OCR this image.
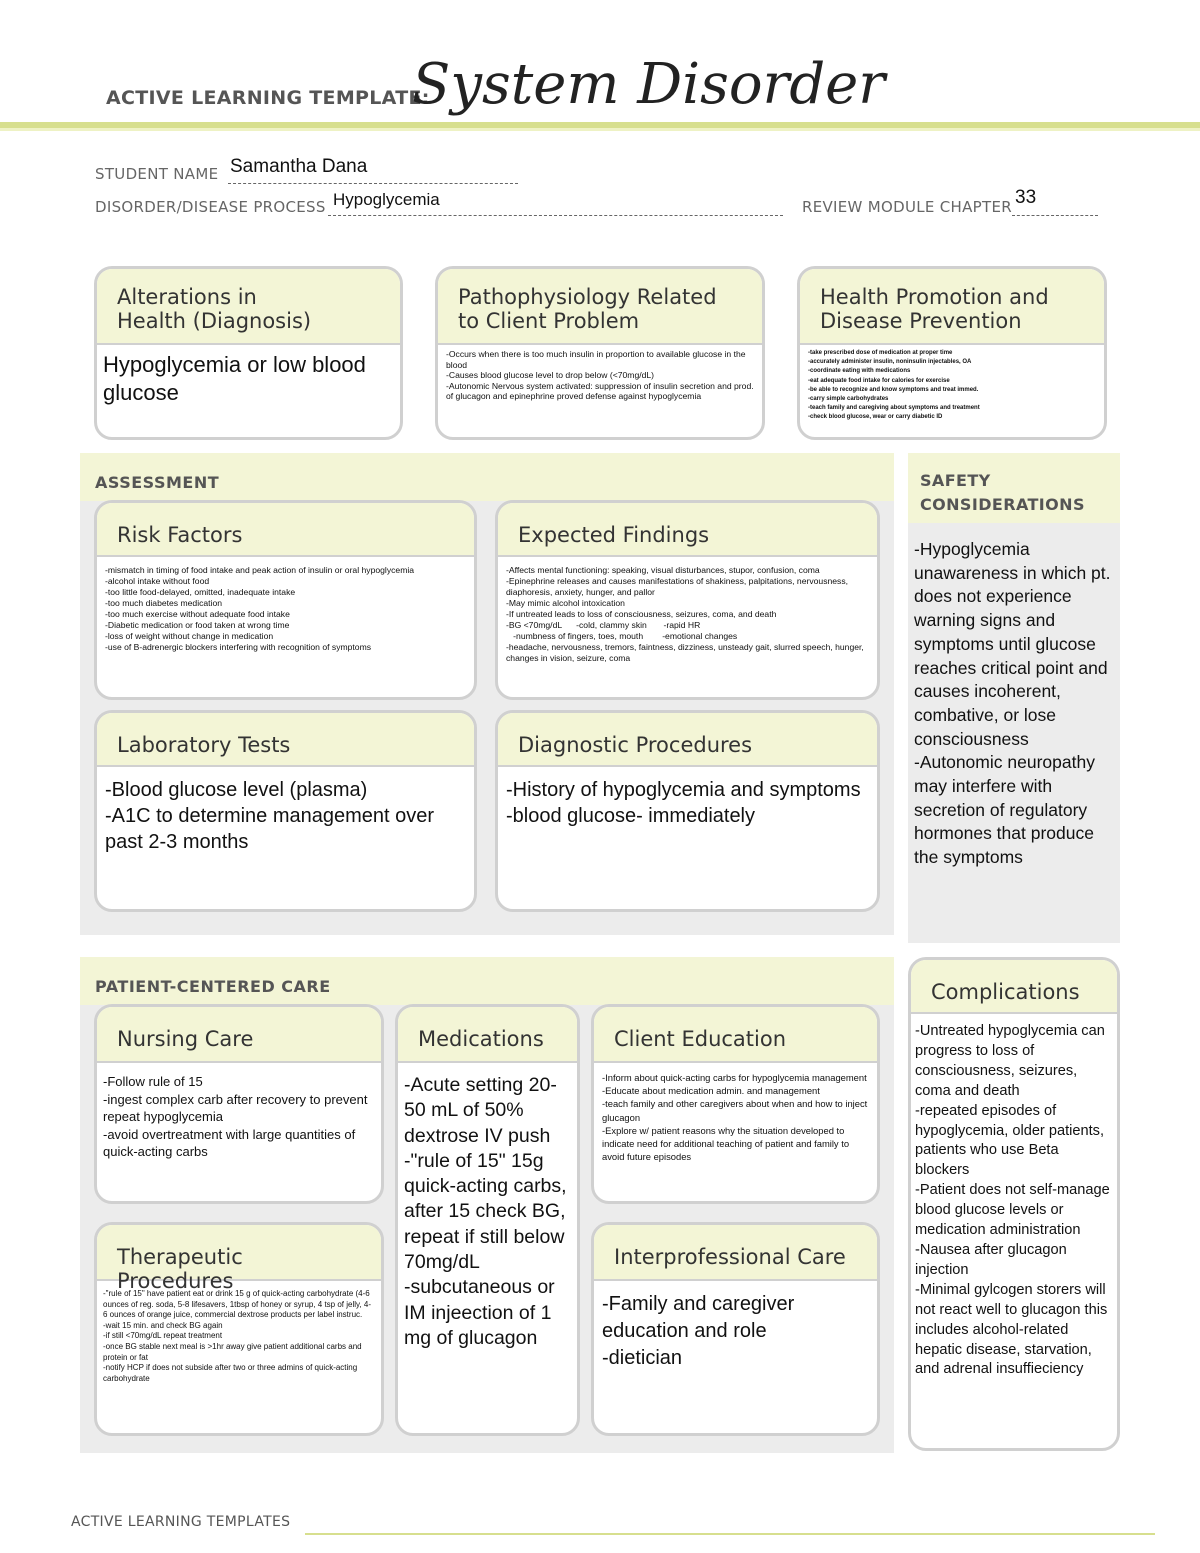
ACTIVE LEARNING TEMPLATE:
System Disorder
STUDENT NAME Samantha Dana
DISORDER/DISEASE PROCESS Hypoglycemia	REVIEW MODULE CHAPTER 33
Alterations in
Health (Diagnosis)
Hypoglycemia or low blood glucose
Pathophysiology Related
to Client Problem
-Occurs when there is too much insulin in proportion to available glucose in the blood
-Causes blood glucose level to drop below (<70mg/dL)
-Autonomic Nervous system activated: suppression of insulin secretion and prod. of glucagon and epinephrine proved defense against hypoglycemia
Health Promotion and
Disease Prevention
-take prescribed dose of medication at proper time
-accurately administer insulin, noninsulin injectables, OA
-coordinate eating with medications
-eat adequate food intake for calories for exercise
-be able to recognize and know symptoms and treat immed.
-carry simple carbohydrates
-teach family and caregiving about symptoms and treatment
-check blood glucose, wear or carry diabetic ID
ASSESSMENT
Risk Factors
-mismatch in timing of food intake and peak action of insulin or oral hypoglycemia
-alcohol intake without food
-too little food-delayed, omitted, inadequate intake
-too much diabetes medication
-too much exercise without adequate food intake
-Diabetic medication or food taken at wrong time
-loss of weight without change in medication
-use of B-adrenergic blockers interfering with recognition of symptoms
Expected Findings
-Affects mental functioning: speaking, visual disturbances, stupor, confusion, coma
-Epinephrine releases and causes manifestations of shakiness, palpitations, nervousness, diaphoresis, anxiety, hunger, and pallor
-May mimic alcohol intoxication
-If untreated leads to loss of consciousness, seizures, coma, and death
-BG <70mg/dL      -cold, clammy skin       -rapid HR
-numbness of fingers, toes, mouth        -emotional changes
-headache, nervousness, tremors, faintness, dizziness, unsteady gait, slurred speech, hunger, changes in vision, seizure, coma
Laboratory Tests
-Blood glucose level (plasma)
-A1C to determine management over past 2-3 months
Diagnostic Procedures
-History of hypoglycemia and symptoms
-blood glucose- immediately
SAFETY
CONSIDERATIONS
-Hypoglycemia unawareness in which pt. does not experience warning signs and symptoms until glucose reaches critical point and causes incoherent, combative, or lose consciousness
-Autonomic neuropathy may interfere with secretion of regulatory hormones that produce the symptoms
PATIENT-CENTERED CARE
Nursing Care
-Follow rule of 15
-ingest complex carb after recovery to prevent repeat hypoglycemia
-avoid overtreatment with large quantities of quick-acting carbs
Medications
-Acute setting 20-50 mL of 50% dextrose IV push
-"rule of 15" 15g quick-acting carbs, after 15 check BG, repeat if still below 70mg/dL
-subcutaneous or IM injeection of 1 mg of glucagon
Client Education
-Inform about quick-acting carbs for hypoglycemia management
-Educate about medication admin. and management
-teach family and other caregivers about when and how to inject glucagon
-Explore w/ patient reasons why the situation developed to indicate need for additional teaching of patient and family to avoid future episodes
Therapeutic Procedures
-"rule of 15" have patient eat or drink 15 g of quick-acting carbohydrate (4-6 ounces of reg. soda, 5-8 lifesavers, 1tbsp of honey or syrup, 4 tsp of jelly, 4-6 ounces of orange juice, commercial dextrose products per label instruc.
-wait 15 min. and check BG again
-if still <70mg/dL repeat treatment
-once BG stable next meal is >1hr away give patient additional carbs and protein or fat
-notify HCP if does not subside after two or three admins of quick-acting carbohydrate
Interprofessional Care
-Family and caregiver education and role
-dietician
Complications
-Untreated hypoglycemia can progress to loss of consciousness, seizures, coma and death
-repeated episodes of hypoglycemia, older patients, patients who use Beta blockers
-Patient does not self-manage blood glucose levels or medication administration
-Nausea after glucagon injection
-Minimal gylcogen storers will not react well to glucagon this includes alcohol-related hepatic disease, starvation, and adrenal insuffieciency
ACTIVE LEARNING TEMPLATES
